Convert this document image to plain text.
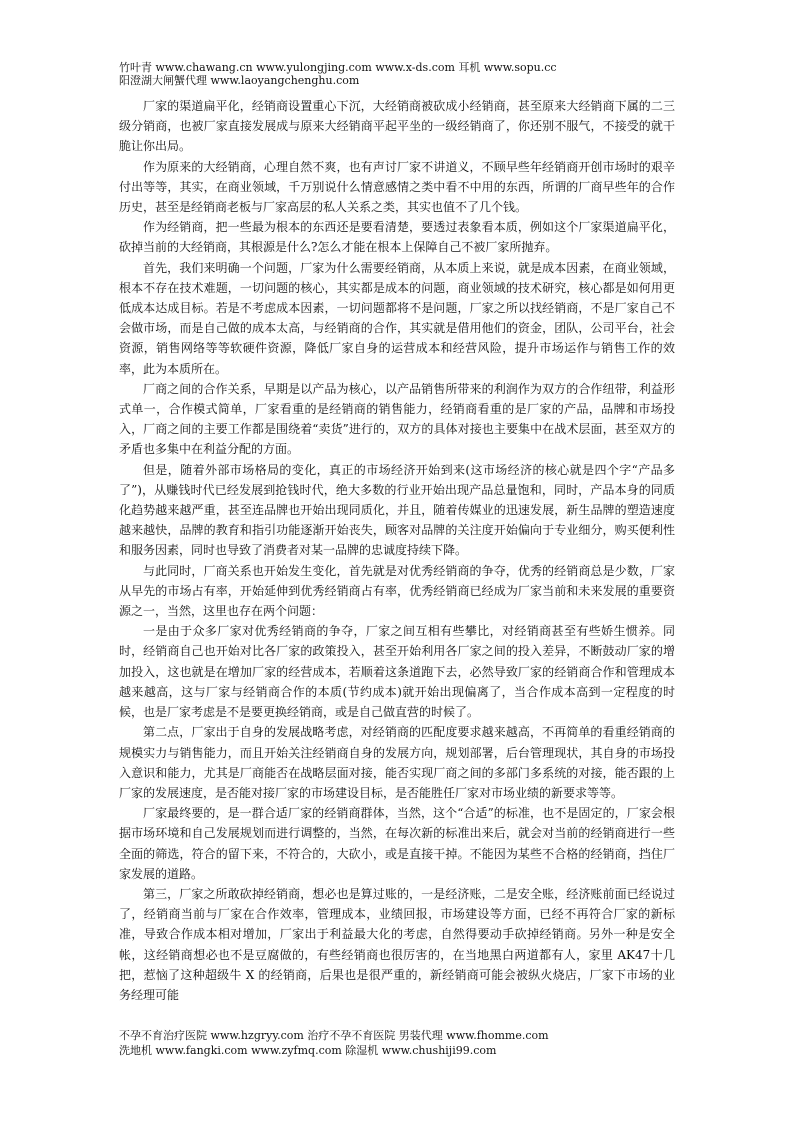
竹叶青 www.chawang.cn www.yulongjing.com www.x-ds.com 耳机 www.sopu.cc
阳澄湖大闸蟹代理 www.laoyangchenghu.com

厂家的渠道扁平化，经销商设置重心下沉，大经销商被砍成小经销商，甚至原来大经销商下属的二三级分销商，也被厂家直接发展成与原来大经销商平起平坐的一级经销商了，你还别不服气，不接受的就干脆让你出局。

作为原来的大经销商，心理自然不爽，也有声讨厂家不讲道义，不顾早些年经销商开创市场时的艰辛付出等等，其实，在商业领域，千万别说什么情意感情之类中看不中用的东西，所谓的厂商早些年的合作历史，甚至是经销商老板与厂家高层的私人关系之类，其实也值不了几个钱。

作为经销商，把一些最为根本的东西还是要看清楚，要透过表象看本质，例如这个厂家渠道扁平化，砍掉当前的大经销商，其根源是什么?怎么才能在根本上保障自己不被厂家所抛弃。

首先，我们来明确一个问题，厂家为什么需要经销商，从本质上来说，就是成本因素，在商业领域，根本不存在技术难题，一切问题的核心，其实都是成本的问题，商业领域的技术研究，核心都是如何用更低成本达成目标。若是不考虑成本因素，一切问题都将不是问题，厂家之所以找经销商，不是厂家自己不会做市场，而是自己做的成本太高，与经销商的合作，其实就是借用他们的资金，团队，公司平台，社会资源，销售网络等等软硬件资源，降低厂家自身的运营成本和经营风险，提升市场运作与销售工作的效率，此为本质所在。

厂商之间的合作关系，早期是以产品为核心，以产品销售所带来的利润作为双方的合作纽带，利益形式单一，合作模式简单，厂家看重的是经销商的销售能力，经销商看重的是厂家的产品，品牌和市场投入，厂商之间的主要工作都是围绕着“卖货”进行的，双方的具体对接也主要集中在战术层面，甚至双方的矛盾也多集中在利益分配的方面。

但是，随着外部市场格局的变化，真正的市场经济开始到来(这市场经济的核心就是四个字“产品多了”)，从赚钱时代已经发展到抢钱时代，绝大多数的行业开始出现产品总量饱和，同时，产品本身的同质化趋势越来越严重，甚至连品牌也开始出现同质化，并且，随着传媒业的迅速发展，新生品牌的塑造速度越来越快，品牌的教育和指引功能逐渐开始丧失，顾客对品牌的关注度开始偏向于专业细分，购买便利性和服务因素，同时也导致了消费者对某一品牌的忠诚度持续下降。

与此同时，厂商关系也开始发生变化，首先就是对优秀经销商的争夺，优秀的经销商总是少数，厂家从早先的市场占有率，开始延伸到优秀经销商占有率，优秀经销商已经成为厂家当前和未来发展的重要资源之一，当然，这里也存在两个问题：

一是由于众多厂家对优秀经销商的争夺，厂家之间互相有些攀比，对经销商甚至有些娇生惯养。同时，经销商自己也开始对比各厂家的政策投入，甚至开始利用各厂家之间的投入差异，不断鼓动厂家的增加投入，这也就是在增加厂家的经营成本，若顺着这条道跑下去，必然导致厂家的经销商合作和管理成本越来越高，这与厂家与经销商合作的本质(节约成本)就开始出现偏离了，当合作成本高到一定程度的时候，也是厂家考虑是不是要更换经销商，或是自己做直营的时候了。

第二点，厂家出于自身的发展战略考虑，对经销商的匹配度要求越来越高，不再简单的看重经销商的规模实力与销售能力，而且开始关注经销商自身的发展方向，规划部署，后台管理现状，其自身的市场投入意识和能力，尤其是厂商能否在战略层面对接，能否实现厂商之间的多部门多系统的对接，能否跟的上厂家的发展速度，是否能对接厂家的市场建设目标，是否能胜任厂家对市场业绩的新要求等等。

厂家最终要的，是一群合适厂家的经销商群体，当然，这个“合适”的标准，也不是固定的，厂家会根据市场环境和自己发展规划而进行调整的，当然，在每次新的标准出来后，就会对当前的经销商进行一些全面的筛选，符合的留下来，不符合的，大砍小，或是直接干掉。不能因为某些不合格的经销商，挡住厂家发展的道路。

第三，厂家之所敢砍掉经销商，想必也是算过账的，一是经济账，二是安全账，经济账前面已经说过了，经销商当前与厂家在合作效率，管理成本，业绩回报，市场建设等方面，已经不再符合厂家的新标准，导致合作成本相对增加，厂家出于利益最大化的考虑，自然得要动手砍掉经销商。另外一种是安全帐，这经销商想必也不是豆腐做的，有些经销商也很厉害的，在当地黑白两道都有人，家里 AK47十几把，惹恼了这种超级牛 X 的经销商，后果也是很严重的，新经销商可能会被纵火烧店，厂家下市场的业务经理可能

不孕不育治疗医院 www.hzgryy.com 治疗不孕不育医院 男装代理 www.fhomme.com
洗地机 www.fangki.com www.zyfmq.com 除湿机 www.chushiji99.com
